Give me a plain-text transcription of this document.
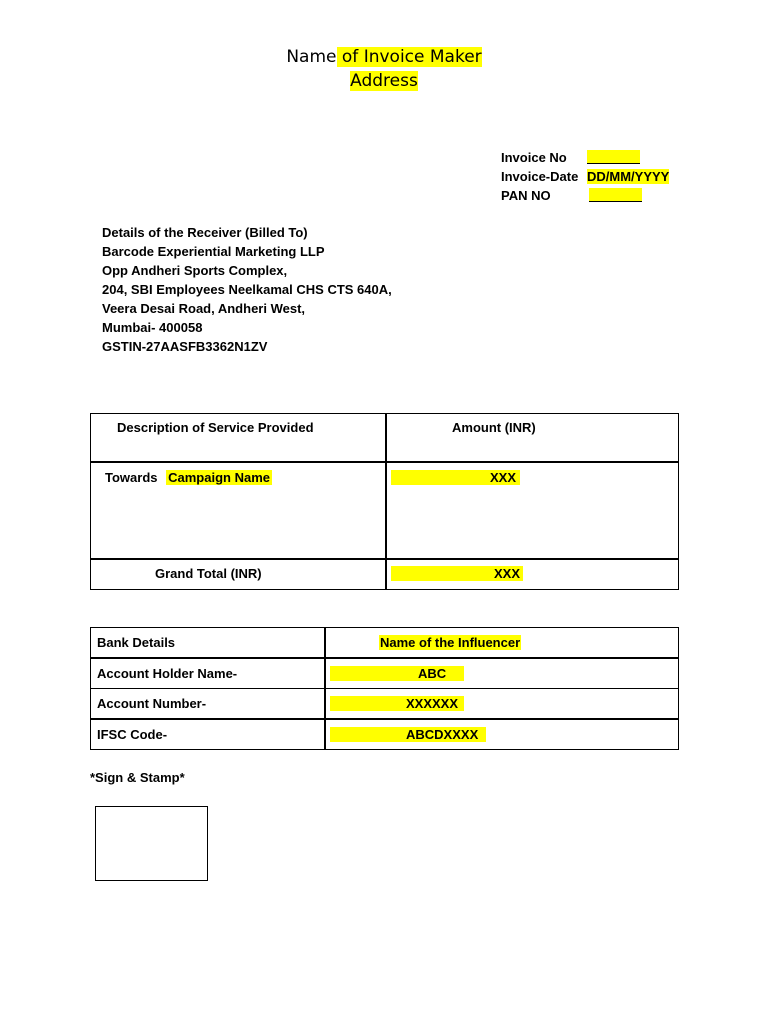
Name of Invoice Maker
Address
Invoice No
Invoice-Date DD/MM/YYYY
PAN NO
Details of the Receiver (Billed To)
Barcode Experiential Marketing LLP
Opp Andheri Sports Complex,
204, SBI Employees Neelkamal CHS CTS 640A,
Veera Desai Road, Andheri West,
Mumbai- 400058
GSTIN-27AASFB3362N1ZV
Description of Service Provided	Amount (INR)
Towards Campaign Name	XXX
Grand Total (INR)	XXX
Bank Details	Name of the Influencer
Account Holder Name-	ABC
Account Number-	XXXXXX
IFSC Code-	ABCDXXXX
*Sign & Stamp*
